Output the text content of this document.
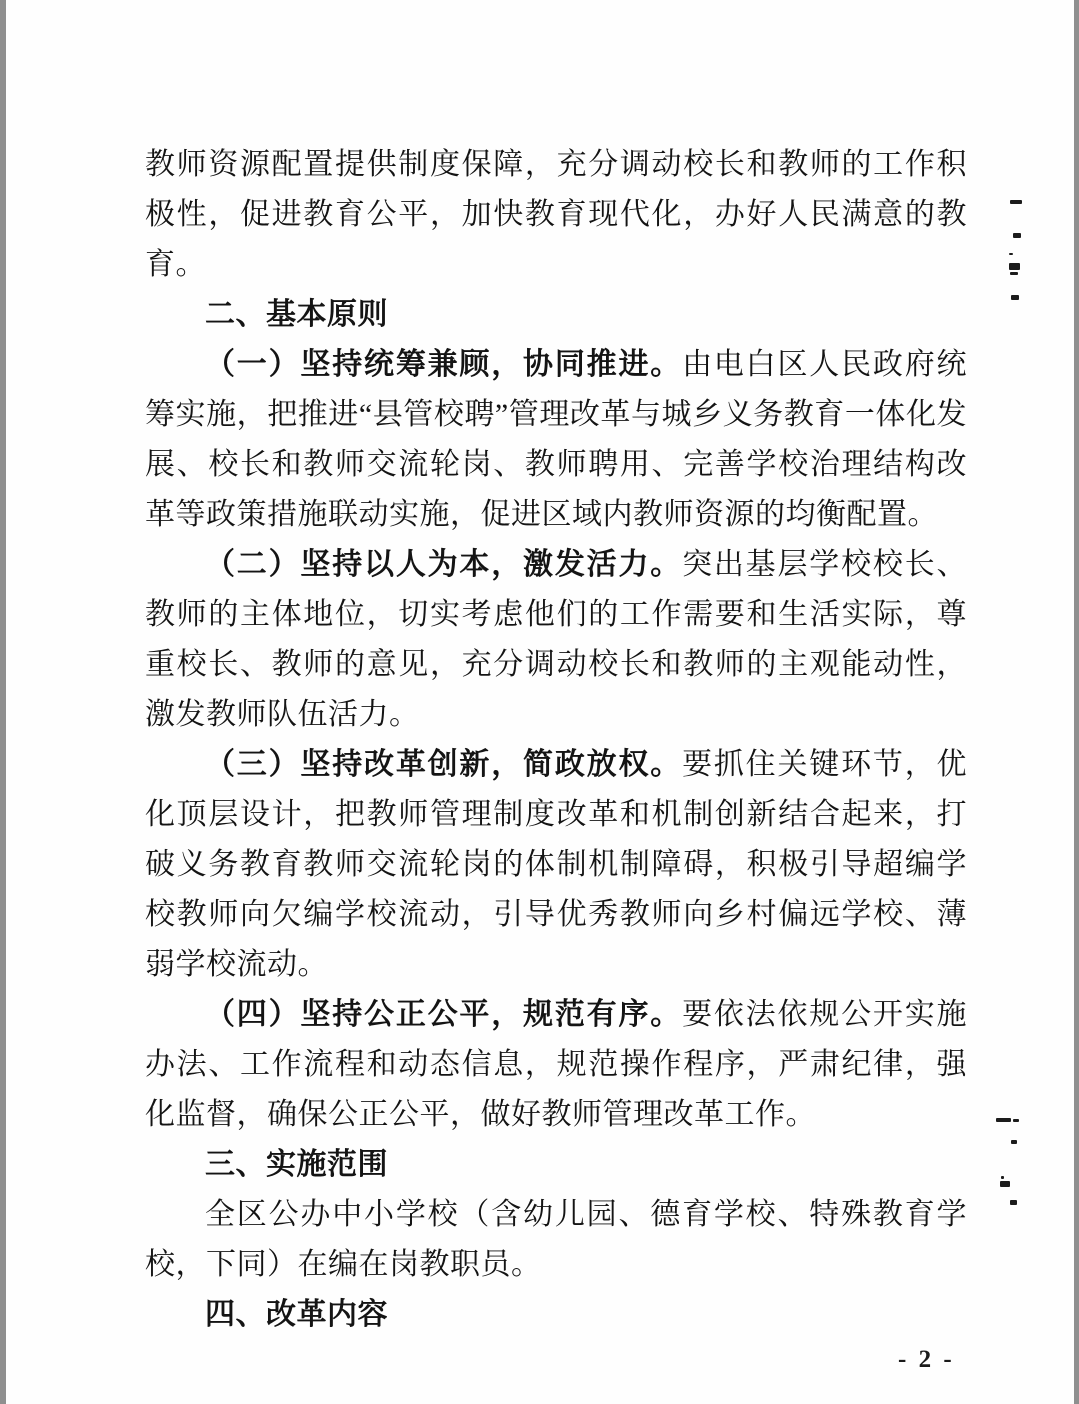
教师资源配置提供制度保障，充分调动校长和教师的工作积极性，促进教育公平，加快教育现代化，办好人民满意的教育。

二、基本原则

（一）坚持统筹兼顾，协同推进。由电白区人民政府统筹实施，把推进“县管校聘”管理改革与城乡义务教育一体化发展、校长和教师交流轮岗、教师聘用、完善学校治理结构改革等政策措施联动实施，促进区域内教师资源的均衡配置。

（二）坚持以人为本，激发活力。突出基层学校校长、教师的主体地位，切实考虑他们的工作需要和生活实际，尊重校长、教师的意见，充分调动校长和教师的主观能动性，激发教师队伍活力。

（三）坚持改革创新，简政放权。要抓住关键环节，优化顶层设计，把教师管理制度改革和机制创新结合起来，打破义务教育教师交流轮岗的体制机制障碍，积极引导超编学校教师向欠编学校流动，引导优秀教师向乡村偏远学校、薄弱学校流动。

（四）坚持公正公平，规范有序。要依法依规公开实施办法、工作流程和动态信息，规范操作程序，严肃纪律，强化监督，确保公正公平，做好教师管理改革工作。

三、实施范围

全区公办中小学校（含幼儿园、德育学校、特殊教育学校，下同）在编在岗教职员。

四、改革内容
- 2 -
